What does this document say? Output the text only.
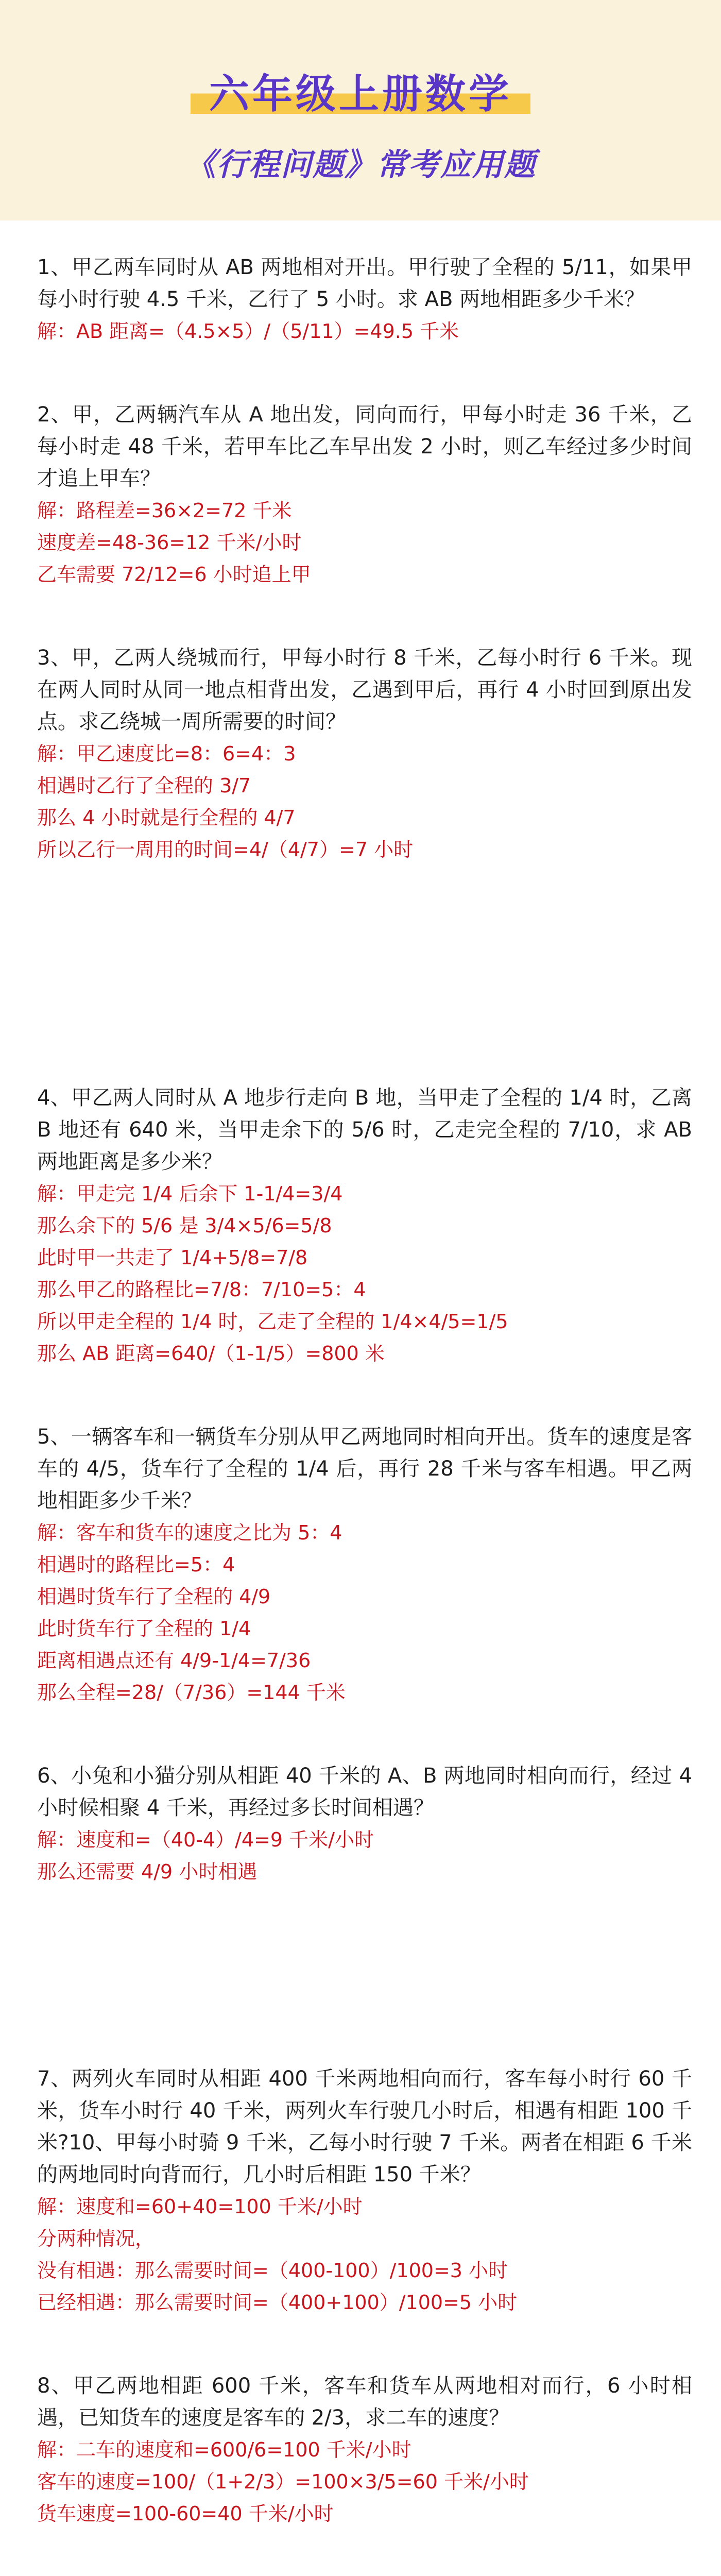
六年级上册数学
《行程问题》常考应用题
1、甲乙两车同时从 AB 两地相对开出。甲行驶了全程的 5/11，如果甲每小时行驶 4.5 千米，乙行了 5 小时。求 AB 两地相距多少千米？
解：AB 距离=（4.5×5）/（5/11）=49.5 千米
2、甲，乙两辆汽车从 A 地出发，同向而行，甲每小时走 36 千米，乙每小时走 48 千米，若甲车比乙车早出发 2 小时，则乙车经过多少时间才追上甲车？
解：路程差=36×2=72 千米
速度差=48-36=12 千米/小时
乙车需要 72/12=6 小时追上甲
3、甲，乙两人绕城而行，甲每小时行 8 千米，乙每小时行 6 千米。现在两人同时从同一地点相背出发，乙遇到甲后，再行 4 小时回到原出发点。求乙绕城一周所需要的时间？
解：甲乙速度比=8：6=4：3
相遇时乙行了全程的 3/7
那么 4 小时就是行全程的 4/7
所以乙行一周用的时间=4/（4/7）=7 小时
4、甲乙两人同时从 A 地步行走向 B 地，当甲走了全程的 1/4 时，乙离 B 地还有 640 米，当甲走余下的 5/6 时，乙走完全程的 7/10，求 AB 两地距离是多少米？
解：甲走完 1/4 后余下 1-1/4=3/4
那么余下的 5/6 是 3/4×5/6=5/8
此时甲一共走了 1/4+5/8=7/8
那么甲乙的路程比=7/8：7/10=5：4
所以甲走全程的 1/4 时，乙走了全程的 1/4×4/5=1/5
那么 AB 距离=640/（1-1/5）=800 米
5、一辆客车和一辆货车分别从甲乙两地同时相向开出。货车的速度是客车的 4/5，货车行了全程的 1/4 后，再行 28 千米与客车相遇。甲乙两地相距多少千米？
解：客车和货车的速度之比为 5：4
相遇时的路程比=5：4
相遇时货车行了全程的 4/9
此时货车行了全程的 1/4
距离相遇点还有 4/9-1/4=7/36
那么全程=28/（7/36）=144 千米
6、小兔和小猫分别从相距 40 千米的 A、B 两地同时相向而行，经过 4 小时候相聚 4 千米，再经过多长时间相遇？
解：速度和=（40-4）/4=9 千米/小时
那么还需要 4/9 小时相遇
7、两列火车同时从相距 400 千米两地相向而行，客车每小时行 60 千米，货车小时行 40 千米，两列火车行驶几小时后，相遇有相距 100 千米?10、甲每小时骑 9 千米，乙每小时行驶 7 千米。两者在相距 6 千米的两地同时向背而行，几小时后相距 150 千米？
解：速度和=60+40=100 千米/小时
分两种情况，
没有相遇：那么需要时间=（400-100）/100=3 小时
已经相遇：那么需要时间=（400+100）/100=5 小时
8、甲乙两地相距 600 千米，客车和货车从两地相对而行，6 小时相遇，已知货车的速度是客车的 2/3，求二车的速度？
解：二车的速度和=600/6=100 千米/小时
客车的速度=100/（1+2/3）=100×3/5=60 千米/小时
货车速度=100-60=40 千米/小时
